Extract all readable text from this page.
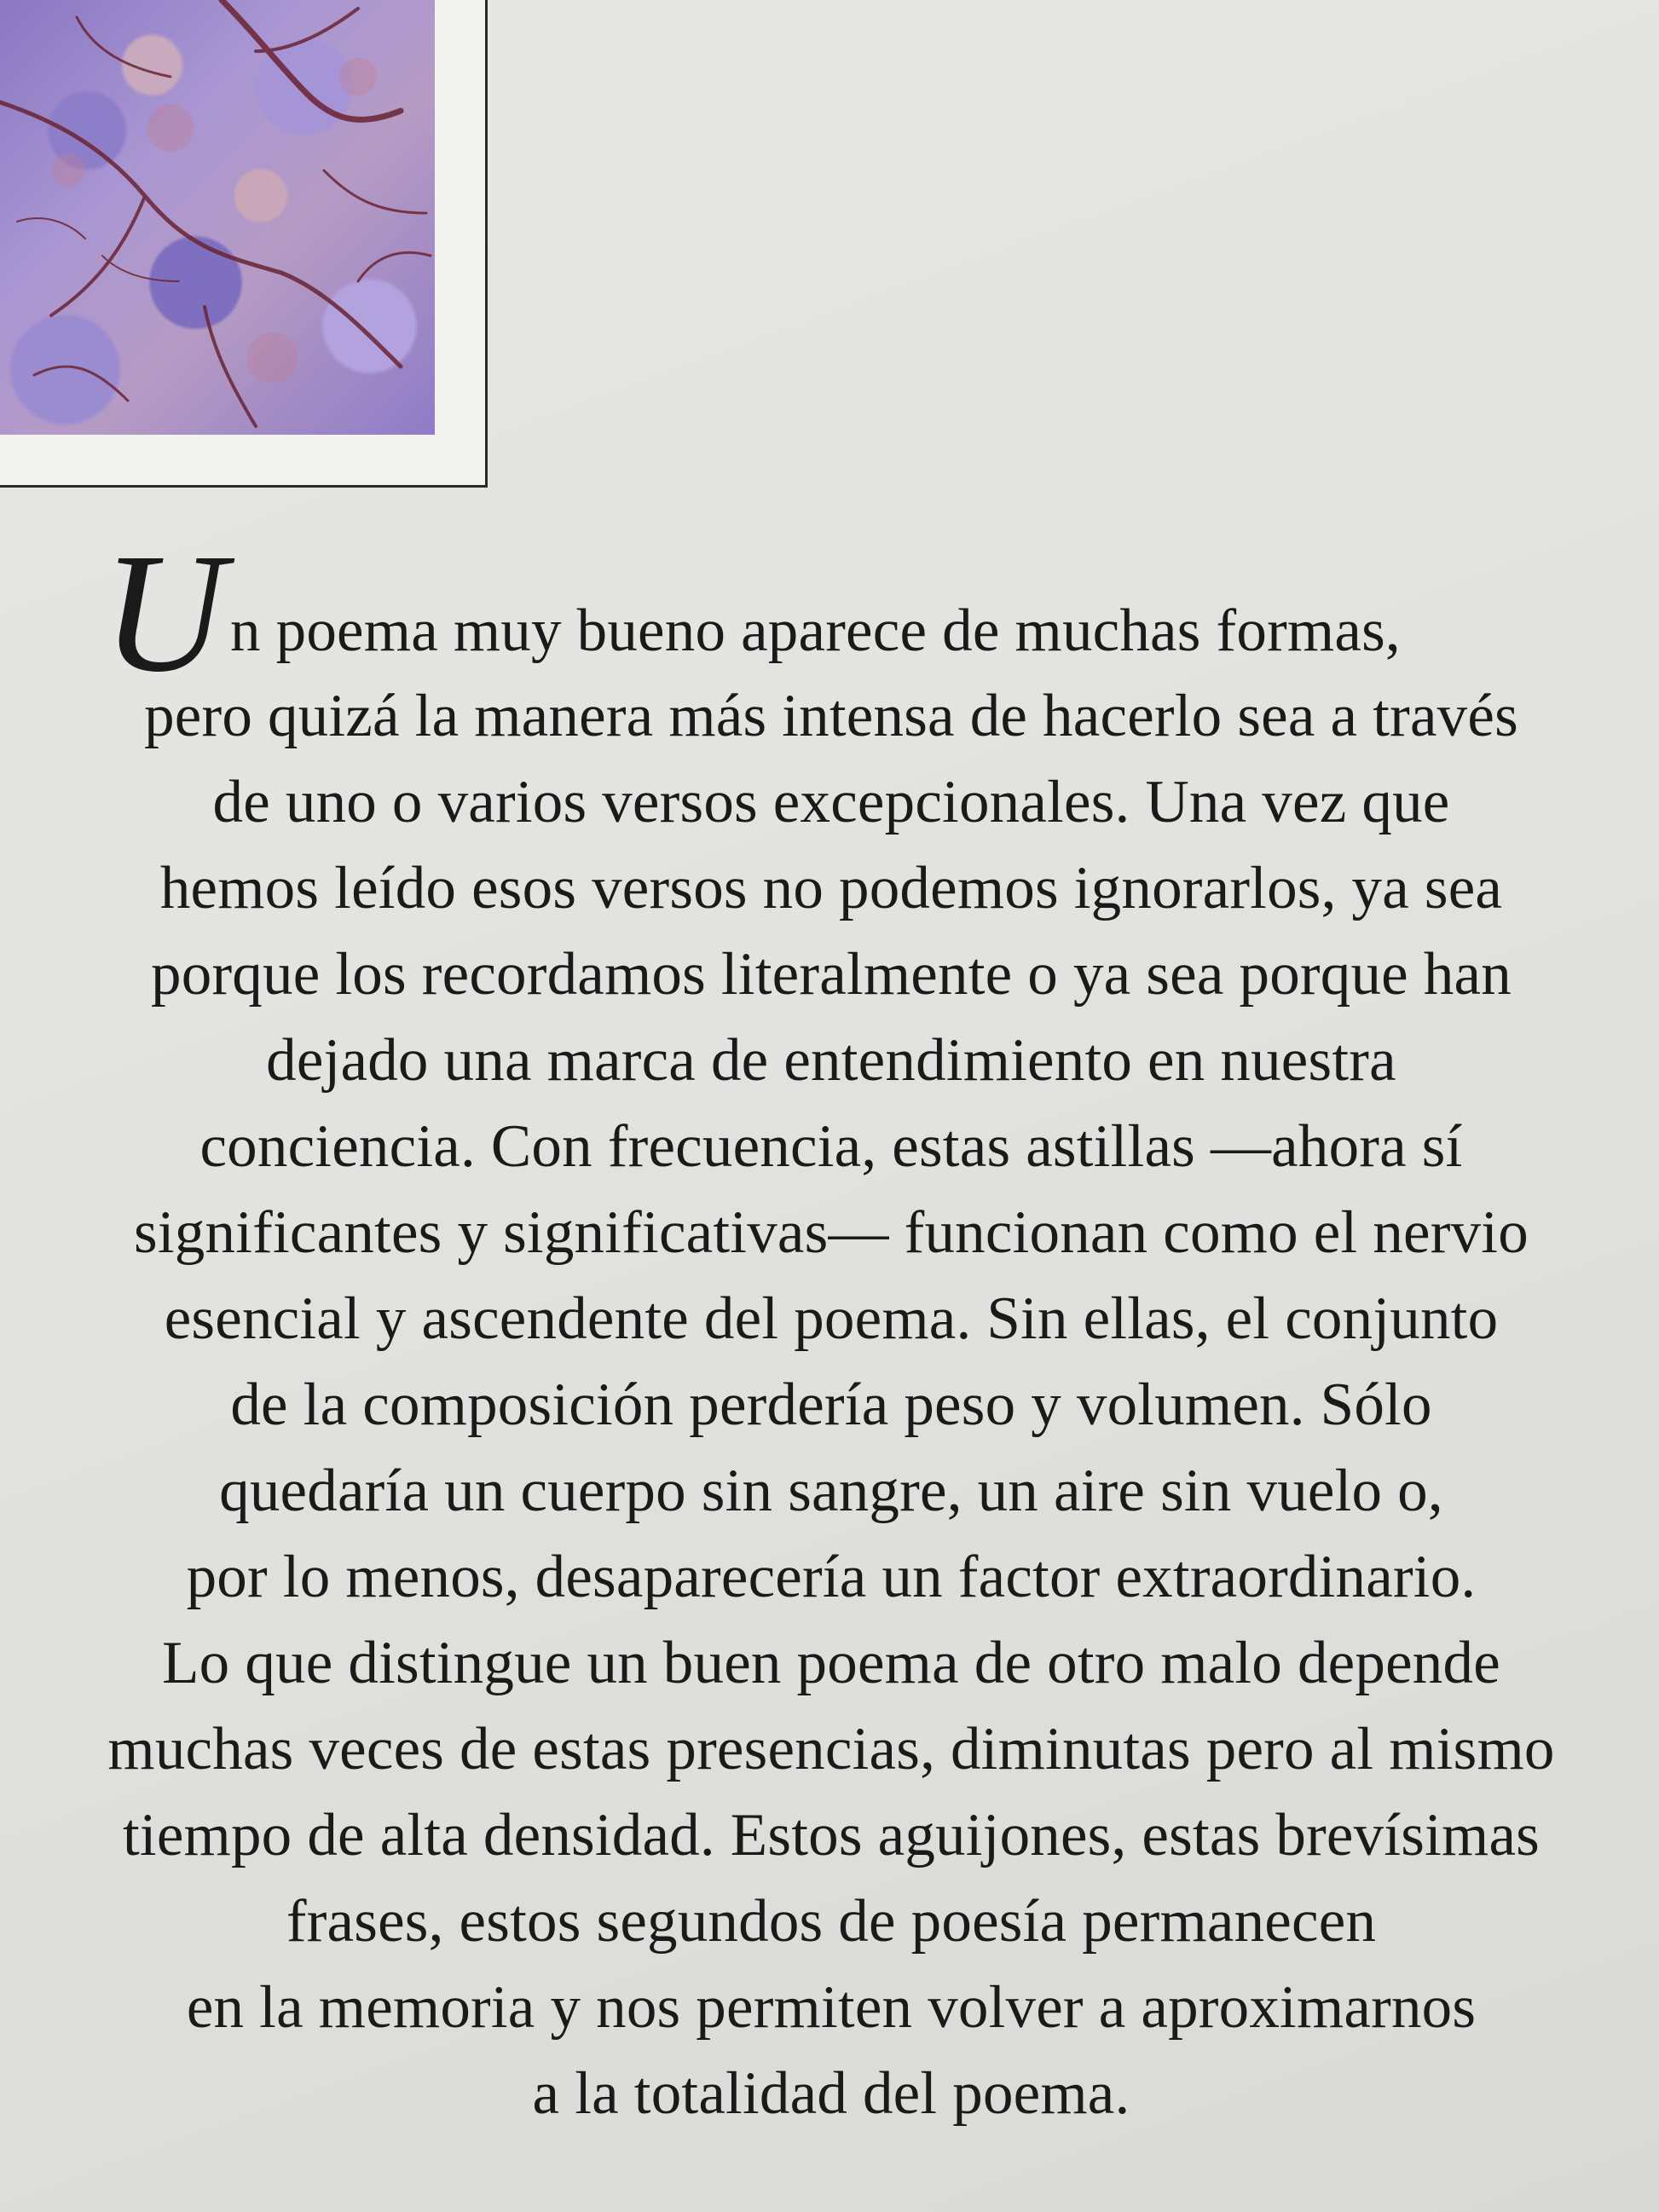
U n poema muy bueno aparece de muchas formas,
pero quizá la manera más intensa de hacerlo sea a través
de uno o varios versos excepcionales. Una vez que
hemos leído esos versos no podemos ignorarlos, ya sea
porque los recordamos literalmente o ya sea porque han
dejado una marca de entendimiento en nuestra
conciencia. Con frecuencia, estas astillas —ahora sí
significantes y significativas— funcionan como el nervio
esencial y ascendente del poema. Sin ellas, el conjunto
de la composición perdería peso y volumen. Sólo
quedaría un cuerpo sin sangre, un aire sin vuelo o,
por lo menos, desaparecería un factor extraordinario.
Lo que distingue un buen poema de otro malo depende
muchas veces de estas presencias, diminutas pero al mismo
tiempo de alta densidad. Estos aguijones, estas brevísimas
frases, estos segundos de poesía permanecen
en la memoria y nos permiten volver a aproximarnos
a la totalidad del poema.
